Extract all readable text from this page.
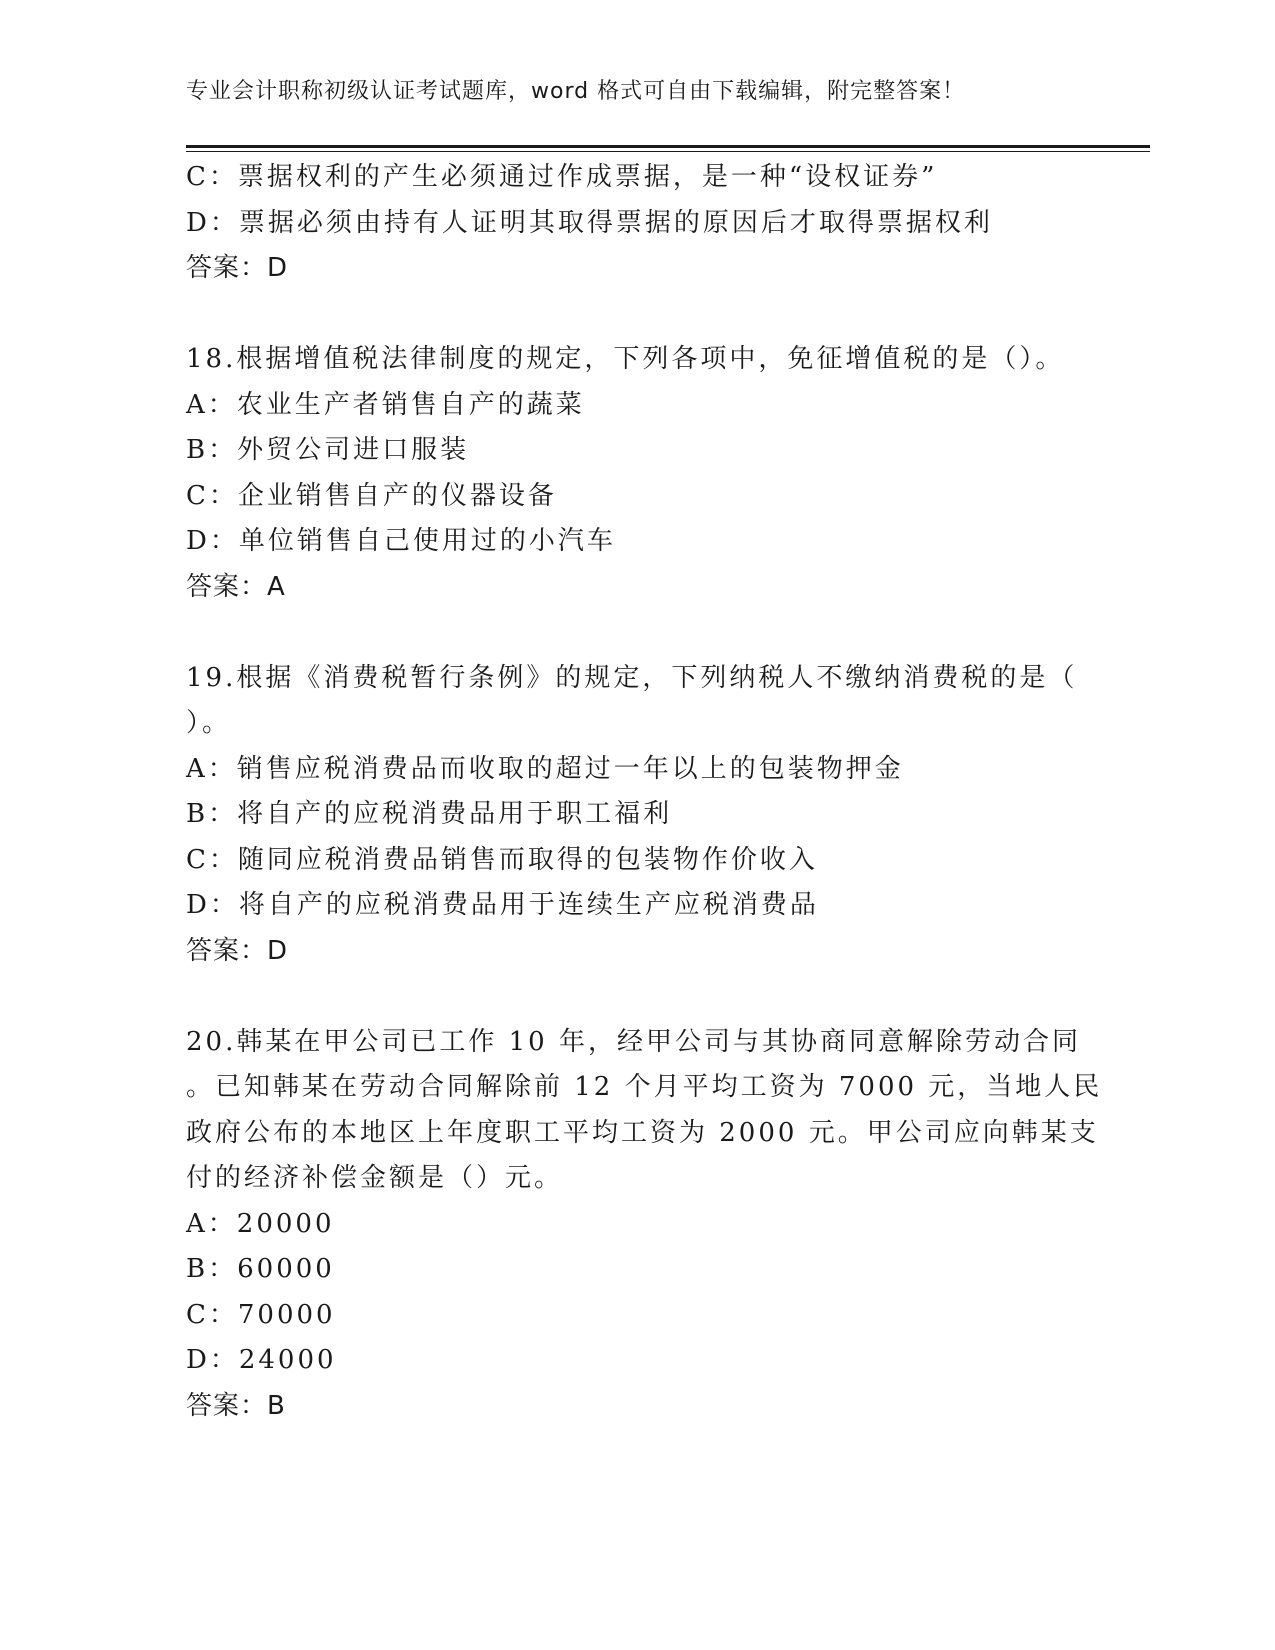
专业会计职称初级认证考试题库，word 格式可自由下载编辑，附完整答案！
C：票据权利的产生必须通过作成票据，是一种“设权证券”
D：票据必须由持有人证明其取得票据的原因后才取得票据权利
答案：D
18.根据增值税法律制度的规定，下列各项中，免征增值税的是（）。
A：农业生产者销售自产的蔬菜
B：外贸公司进口服装
C：企业销售自产的仪器设备
D：单位销售自己使用过的小汽车
答案：A
19.根据《消费税暂行条例》的规定，下列纳税人不缴纳消费税的是（
）。
A：销售应税消费品而收取的超过一年以上的包装物押金
B：将自产的应税消费品用于职工福利
C：随同应税消费品销售而取得的包装物作价收入
D：将自产的应税消费品用于连续生产应税消费品
答案：D
20.韩某在甲公司已工作 10 年，经甲公司与其协商同意解除劳动合同
。已知韩某在劳动合同解除前 12 个月平均工资为 7000 元，当地人民
政府公布的本地区上年度职工平均工资为 2000 元。甲公司应向韩某支
付的经济补偿金额是（）元。
A：20000
B：60000
C：70000
D：24000
答案：B
